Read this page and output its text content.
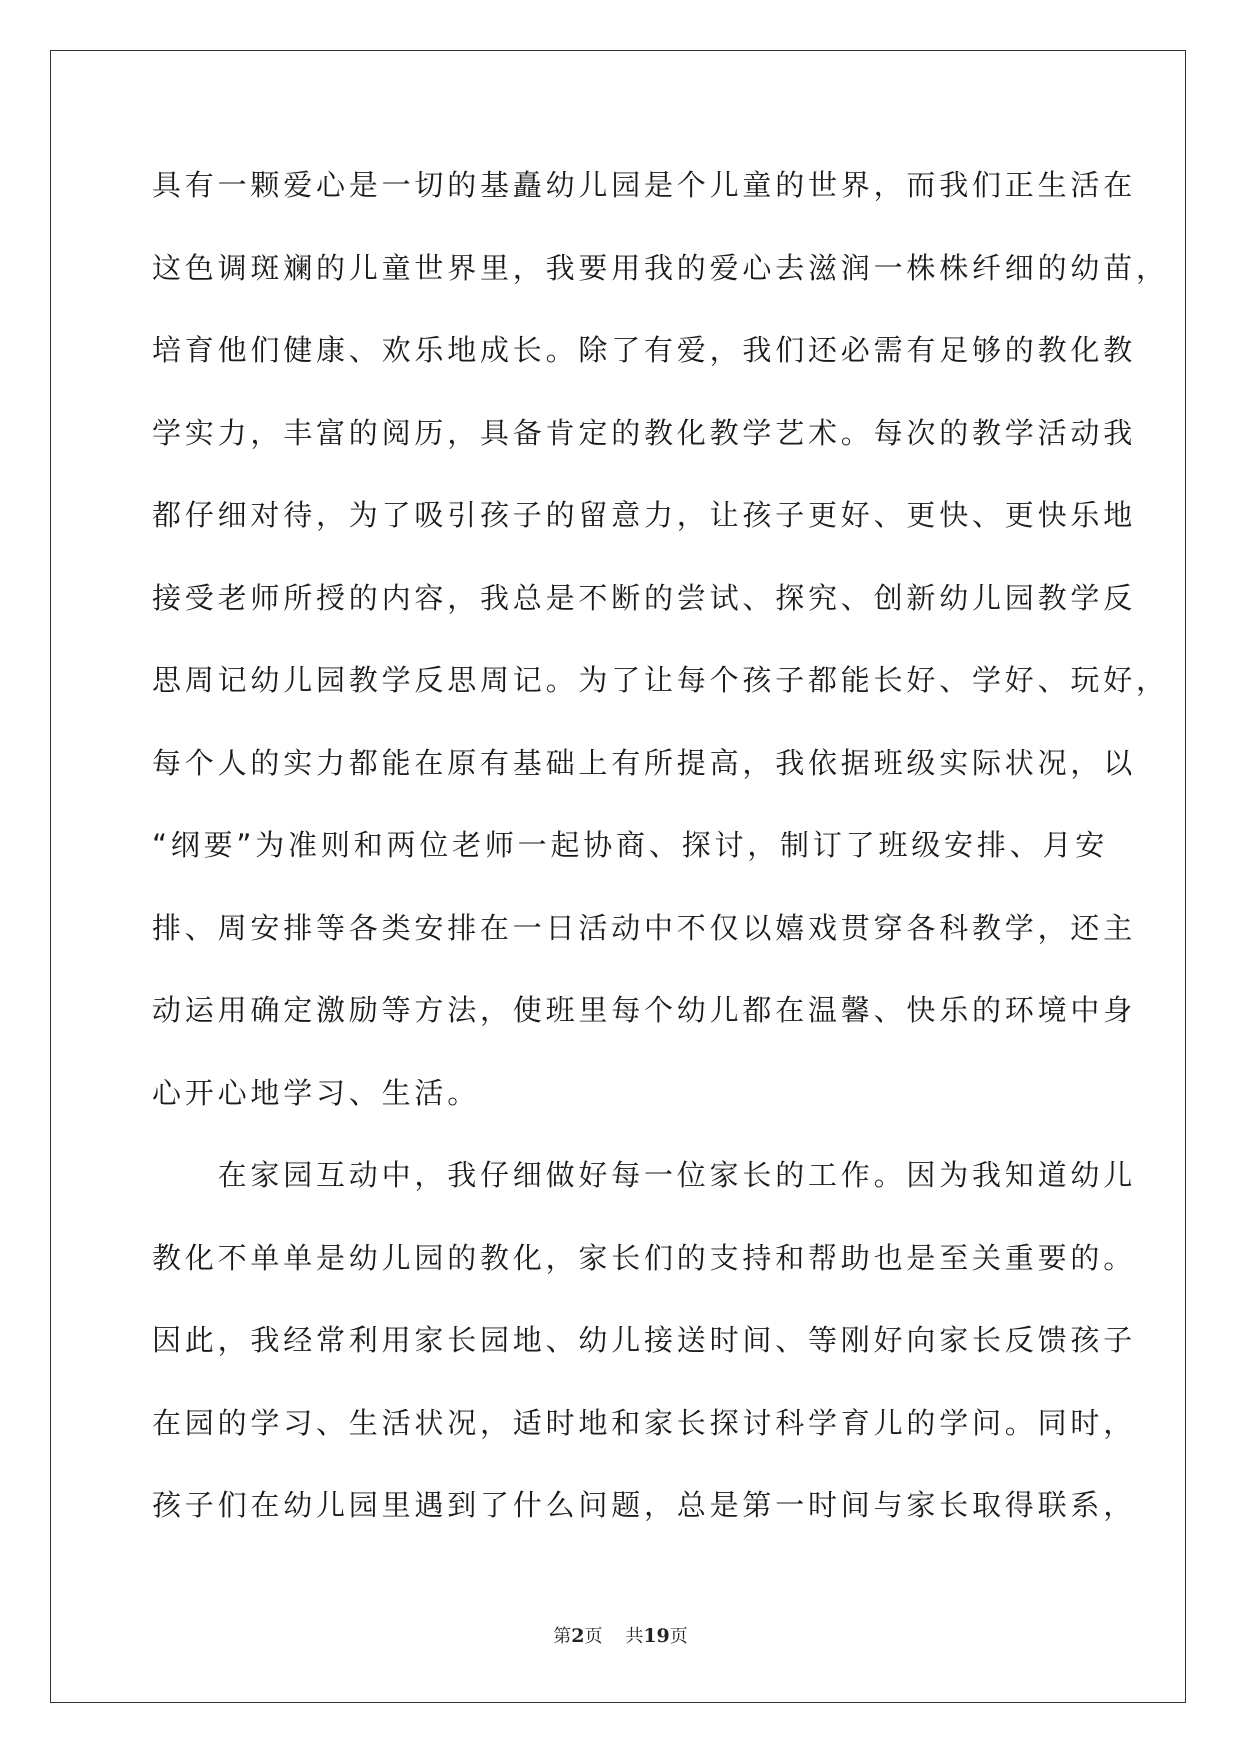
具有一颗爱心是一切的基矗幼儿园是个儿童的世界，而我们正生活在
这色调斑斓的儿童世界里，我要用我的爱心去滋润一株株纤细的幼苗，
培育他们健康、欢乐地成长。除了有爱，我们还必需有足够的教化教
学实力，丰富的阅历，具备肯定的教化教学艺术。每次的教学活动我
都仔细对待，为了吸引孩子的留意力，让孩子更好、更快、更快乐地
接受老师所授的内容，我总是不断的尝试、探究、创新幼儿园教学反
思周记幼儿园教学反思周记。为了让每个孩子都能长好、学好、玩好，
每个人的实力都能在原有基础上有所提高，我依据班级实际状况，以
“纲要”为准则和两位老师一起协商、探讨，制订了班级安排、月安
排、周安排等各类安排在一日活动中不仅以嬉戏贯穿各科教学，还主
动运用确定激励等方法，使班里每个幼儿都在温馨、快乐的环境中身
心开心地学习、生活。
　　在家园互动中，我仔细做好每一位家长的工作。因为我知道幼儿
教化不单单是幼儿园的教化，家长们的支持和帮助也是至关重要的。
因此，我经常利用家长园地、幼儿接送时间、等刚好向家长反馈孩子
在园的学习、生活状况，适时地和家长探讨科学育儿的学问。同时，
孩子们在幼儿园里遇到了什么问题，总是第一时间与家长取得联系，
第2页 共19页
